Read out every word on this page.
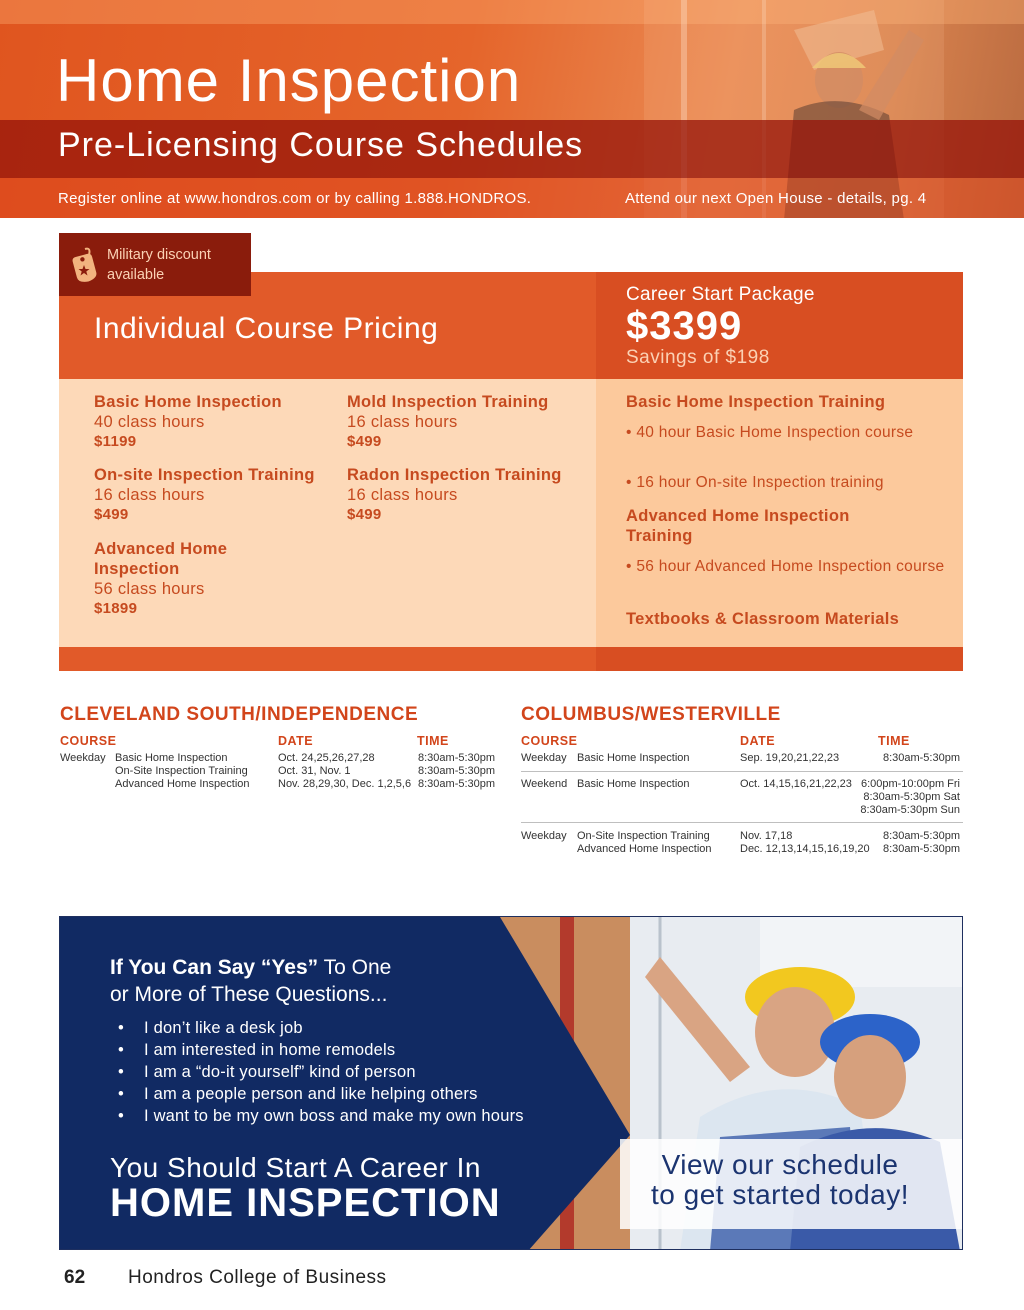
Home Inspection
Pre-Licensing Course Schedules
Register online at www.hondros.com or by calling 1.888.HONDROS.	Attend our next Open House - details, pg. 4
Military discount
available
Individual Course Pricing
Career Start Package
$3399
Savings of $198
Basic Home Inspection
40 class hours
$1199
On-site Inspection Training
16 class hours
$499
Advanced Home
Inspection
56 class hours
$1899
Mold Inspection Training
16 class hours
$499
Radon Inspection Training
16 class hours
$499
Basic Home Inspection Training
• 40 hour Basic Home Inspection course
• 16 hour On-site Inspection training
Advanced Home Inspection
Training
• 56 hour Advanced Home Inspection course
Textbooks & Classroom Materials
CLEVELAND SOUTH/INDEPENDENCE
COURSE	DATE	TIME
Weekday Basic Home Inspection	Oct. 24,25,26,27,28	8:30am-5:30pm
On-Site Inspection Training	Oct. 31, Nov. 1	8:30am-5:30pm
Advanced Home Inspection	Nov. 28,29,30, Dec. 1,2,5,6 8:30am-5:30pm
COLUMBUS/WESTERVILLE
COURSE	DATE	TIME
Weekday Basic Home Inspection	Sep. 19,20,21,22,23	8:30am-5:30pm
Weekend Basic Home Inspection	Oct. 14,15,16,21,22,23 6:00pm-10:00pm Fri
8:30am-5:30pm Sat
8:30am-5:30pm Sun
Weekday On-Site Inspection Training	Nov. 17,18	8:30am-5:30pm
Advanced Home Inspection	Dec. 12,13,14,15,16,19,20 8:30am-5:30pm
If You Can Say “Yes” To One
or More of These Questions...
• I don’t like a desk job
• I am interested in home remodels
• I am a “do-it yourself” kind of person
• I am a people person and like helping others
• I want to be my own boss and make my own hours
You Should Start A Career In
HOME INSPECTION
View our schedule
to get started today!
62 Hondros College of Business
